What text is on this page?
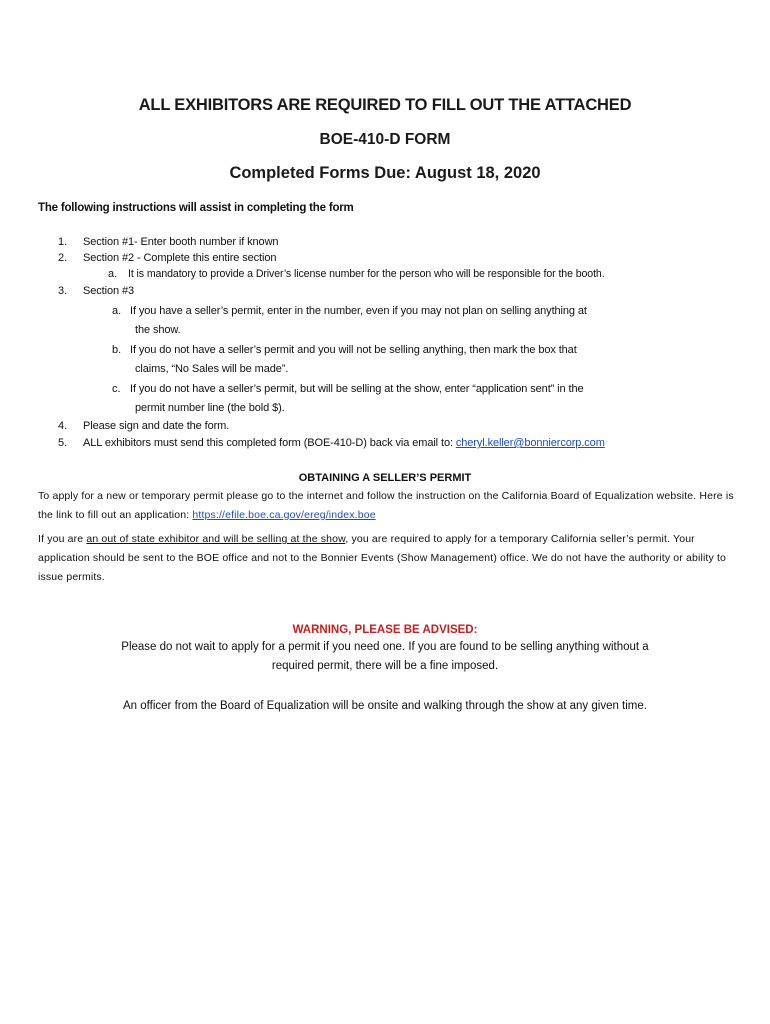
ALL EXHIBITORS ARE REQUIRED TO FILL OUT THE ATTACHED
BOE-410-D FORM
Completed Forms Due: August 18, 2020
The following instructions will assist in completing the form
1. Section #1- Enter booth number if known
2. Section #2 - Complete this entire section
a. It is mandatory to provide a Driver’s license number for the person who will be responsible for the booth.
3. Section #3
a. If you have a seller’s permit, enter in the number, even if you may not plan on selling anything at
the show.
b. If you do not have a seller’s permit and you will not be selling anything, then mark the box that
claims, “No Sales will be made”.
c. If you do not have a seller’s permit, but will be selling at the show, enter “application sent” in the
permit number line (the bold $).
4. Please sign and date the form.
5. ALL exhibitors must send this completed form (BOE-410-D) back via email to: cheryl.keller@bonniercorp.com
OBTAINING A SELLER’S PERMIT
To apply for a new or temporary permit please go to the internet and follow the instruction on the California Board of Equalization website. Here is the link to fill out an application: https://efile.boe.ca.gov/ereg/index.boe
If you are an out of state exhibitor and will be selling at the show, you are required to apply for a temporary California seller’s permit. Your application should be sent to the BOE office and not to the Bonnier Events (Show Management) office. We do not have the authority or ability to issue permits.
WARNING, PLEASE BE ADVISED:
Please do not wait to apply for a permit if you need one. If you are found to be selling anything without a
required permit, there will be a fine imposed.
An officer from the Board of Equalization will be onsite and walking through the show at any given time.
